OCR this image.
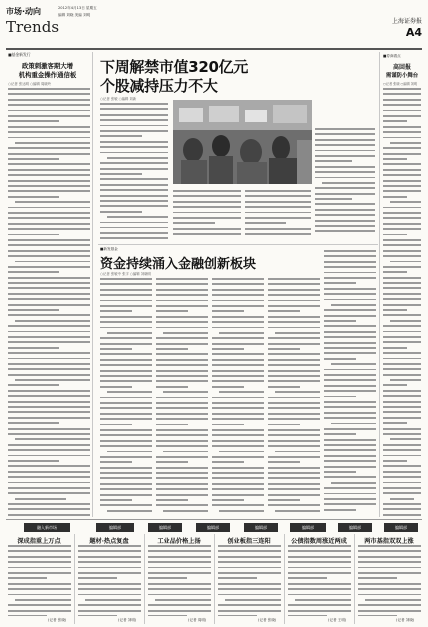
市场·动向	2012年4月13日 星期五
编辑 刘晓 美编 刘明
Trends	上海证券报
A4
■基金新发行
政策刺激客期大增
机构重金操作通信板
○记者 张达明 ○编辑 周晓玲
下周解禁市值320亿元
个股减持压力不大
○记者 张敏 ○编辑 刘新
■新发基金
资金持续涌入金融创新板块
○记者 张敏中 张宇 ○编辑 刘晓明
■券商看点
高回报
需谨防小舞台
○记者 张晓 ○编辑 刘明
融入新市场	编辑部	编辑部	编辑部	编辑部	编辑部	编辑部	编辑部
深成指重上万点	题材·热点复盘	工业品价格上扬	创业板指三连阳	公债指数周涨近两成	两市基指双双上涨
(记者 张晓)	(记者 刘明)	(记者 周明)	(记者 张晓)	(记者 王明)	(记者 刘晓)
